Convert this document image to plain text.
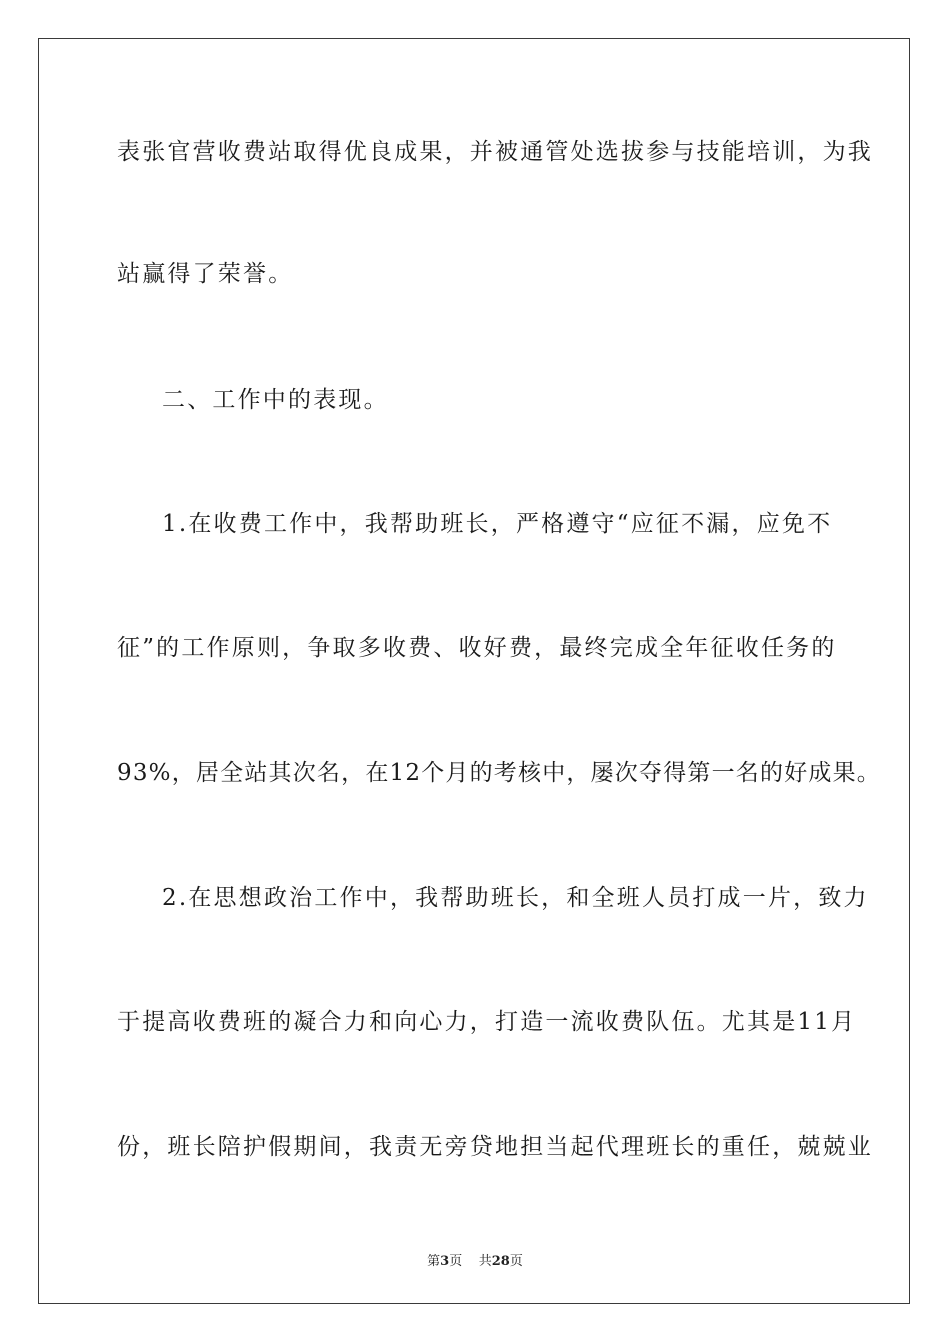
表张官营收费站取得优良成果，并被通管处选拔参与技能培训，为我
站赢得了荣誉。
二、工作中的表现。
1.在收费工作中，我帮助班长，严格遵守“应征不漏，应免不
征”的工作原则，争取多收费、收好费，最终完成全年征收任务的
93%，居全站其次名，在12个月的考核中，屡次夺得第一名的好成果。
2.在思想政治工作中，我帮助班长，和全班人员打成一片，致力
于提高收费班的凝合力和向心力，打造一流收费队伍。尤其是11月
份，班长陪护假期间，我责无旁贷地担当起代理班长的重任，兢兢业
第3页 共28页
